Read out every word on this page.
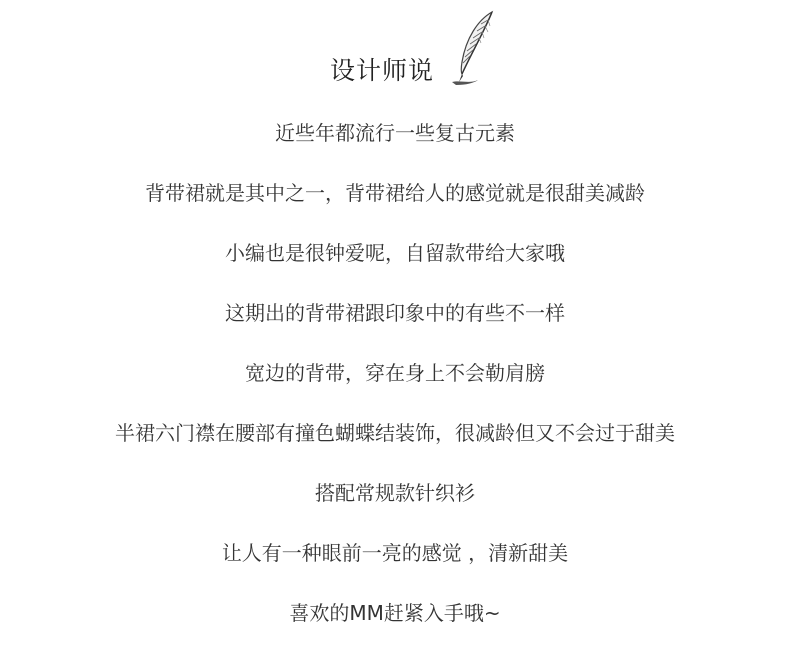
设计师说
近些年都流行一些复古元素
背带裙就是其中之一，背带裙给人的感觉就是很甜美减龄
小编也是很钟爱呢，自留款带给大家哦
这期出的背带裙跟印象中的有些不一样
宽边的背带，穿在身上不会勒肩膀
半裙六门襟在腰部有撞色蝴蝶结装饰，很减龄但又不会过于甜美
搭配常规款针织衫
让人有一种眼前一亮的感觉 ，清新甜美
喜欢的MM赶紧入手哦~
